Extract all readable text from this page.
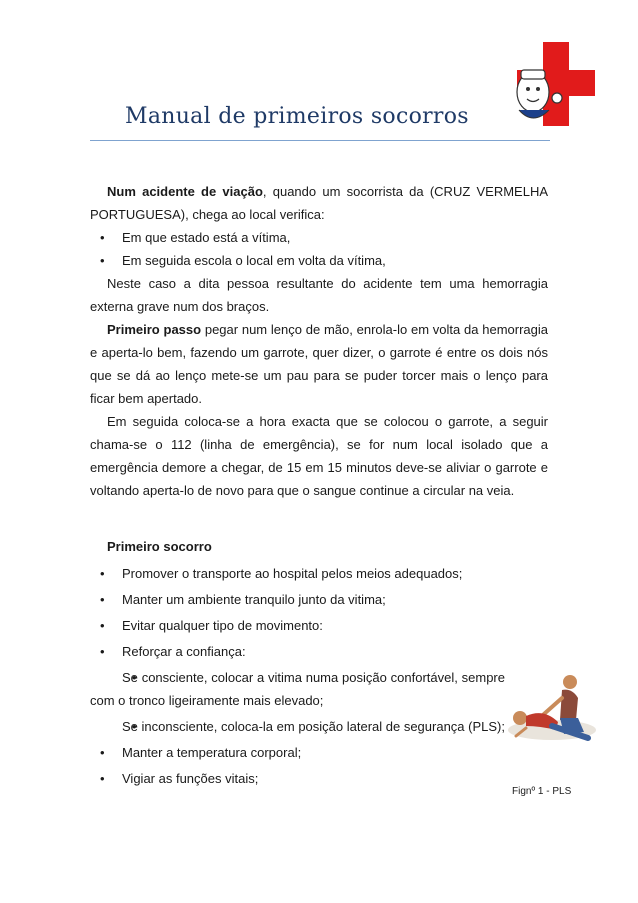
Manual de primeiros socorros

Num acidente de viação, quando um socorrista da (CRUZ VERMELHA PORTUGUESA), chega ao local verifica:

• Em que estado está a vítima,
• Em seguida escola o local em volta da vítima,

Neste caso a dita pessoa resultante do acidente tem uma hemorragia externa grave num dos braços.

Primeiro passo pegar num lenço de mão, enrola-lo em volta da hemorragia e aperta-lo bem, fazendo um garrote, quer dizer, o garrote é entre os dois nós que se dá ao lenço mete-se um pau para se puder torcer mais o lenço para ficar bem apertado.

Em seguida coloca-se a hora exacta que se colocou o garrote, a seguir chama-se o 112 (linha de emergência), se for num local isolado que a emergência demore a chegar, de 15 em 15 minutos deve-se aliviar o garrote e voltando aperta-lo de novo para que o sangue continue a circular na veia.

Primeiro socorro

• Promover o transporte ao hospital pelos meios adequados;
• Manter um ambiente tranquilo junto da vitima;
• Evitar qualquer tipo de movimento:
• Reforçar a confiança:
• Se consciente, colocar a vitima numa posição confortável, sempre com o tronco ligeiramente mais elevado;
• Se inconsciente, coloca-la em posição lateral de segurança (PLS);
• Manter a temperatura corporal;
• Vigiar as funções vitais;
Fignº 1 - PLS
